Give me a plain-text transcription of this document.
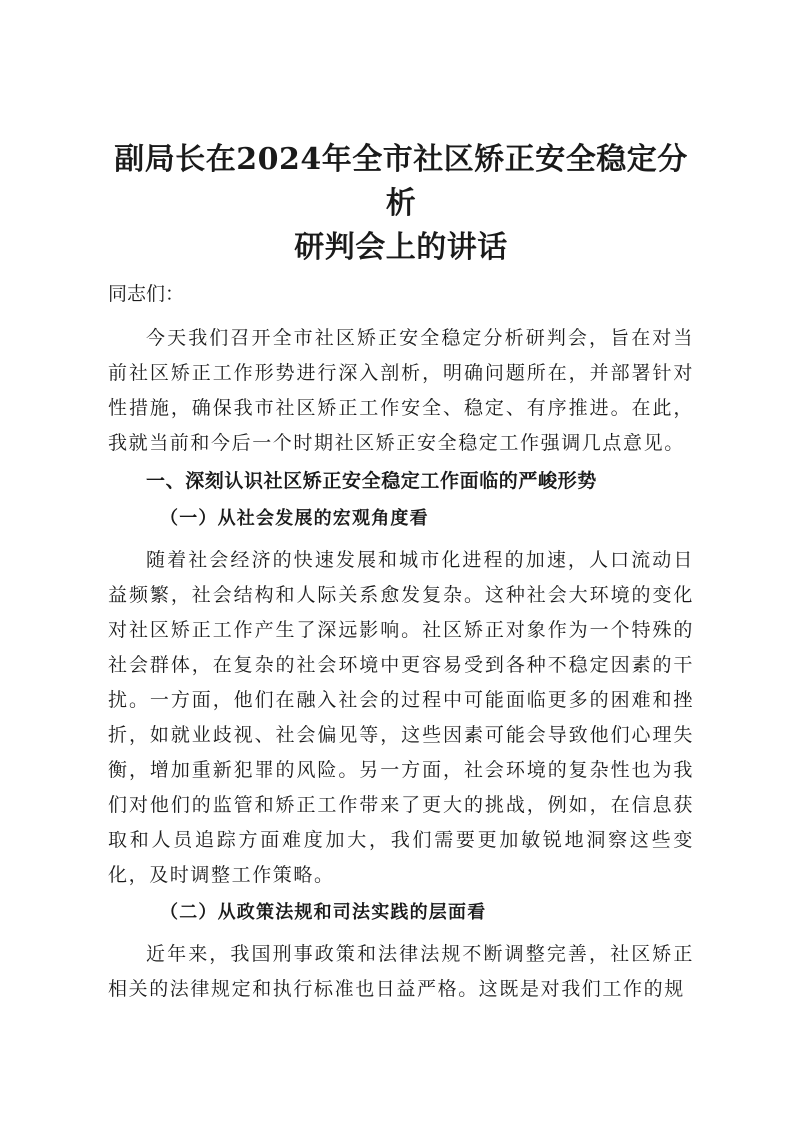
副局长在2024年全市社区矫正安全稳定分析
研判会上的讲话

同志们：

今天我们召开全市社区矫正安全稳定分析研判会，旨在对当前社区矫正工作形势进行深入剖析，明确问题所在，并部署针对性措施，确保我市社区矫正工作安全、稳定、有序推进。在此，我就当前和今后一个时期社区矫正安全稳定工作强调几点意见。

一、深刻认识社区矫正安全稳定工作面临的严峻形势

（一）从社会发展的宏观角度看

随着社会经济的快速发展和城市化进程的加速，人口流动日益频繁，社会结构和人际关系愈发复杂。这种社会大环境的变化对社区矫正工作产生了深远影响。社区矫正对象作为一个特殊的社会群体，在复杂的社会环境中更容易受到各种不稳定因素的干扰。一方面，他们在融入社会的过程中可能面临更多的困难和挫折，如就业歧视、社会偏见等，这些因素可能会导致他们心理失衡，增加重新犯罪的风险。另一方面，社会环境的复杂性也为我们对他们的监管和矫正工作带来了更大的挑战，例如，在信息获取和人员追踪方面难度加大，我们需要更加敏锐地洞察这些变化，及时调整工作策略。

（二）从政策法规和司法实践的层面看

近年来，我国刑事政策和法律法规不断调整完善，社区矫正相关的法律规定和执行标准也日益严格。这既是对我们工作的规
